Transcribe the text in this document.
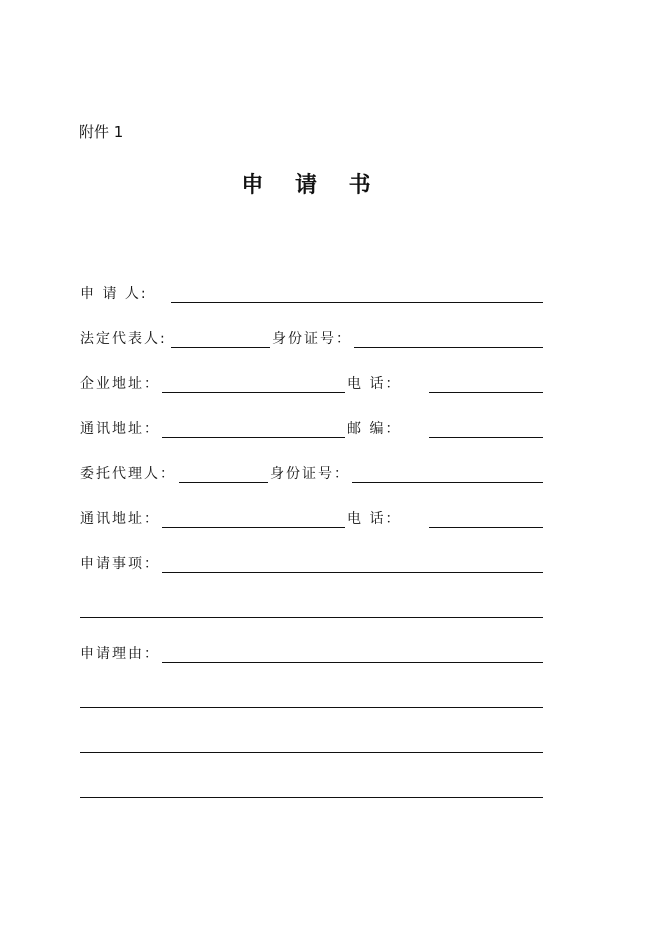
附件 1
申 请 书
申 请 人:
法定代表人:	身份证号：
企业地址：	电 话：
通讯地址：	邮 编：
委托代理人：	身份证号：
通讯地址：	电 话：
申请事项：
申请理由：
